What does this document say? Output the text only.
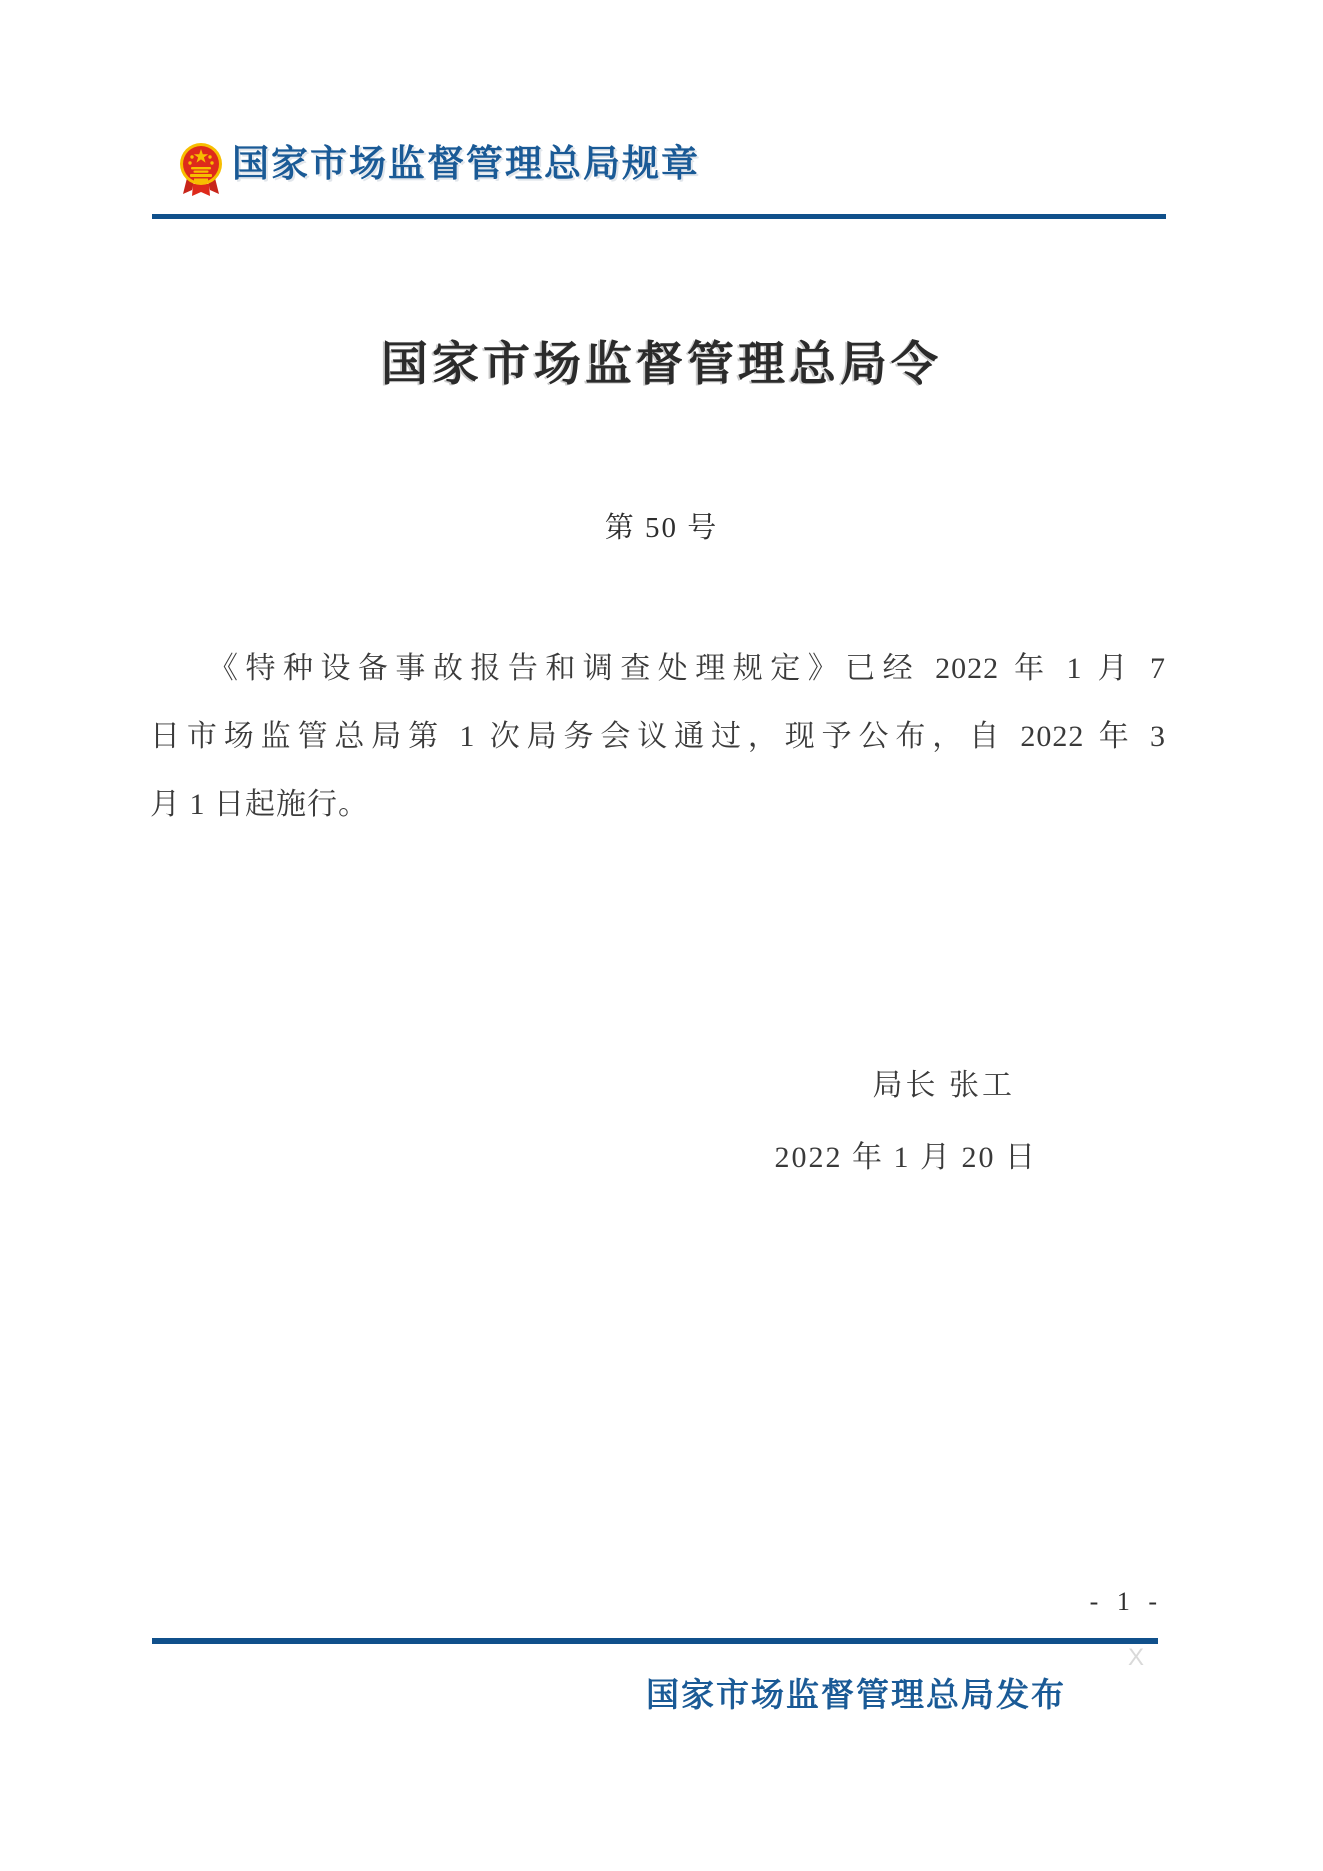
国家市场监督管理总局规章
国家市场监督管理总局令
第 50 号
《特种设备事故报告和调查处理规定》已经 2022 年 1 月 7
日市场监管总局第 1 次局务会议通过，现予公布，自 2022 年 3
月 1 日起施行。
局长 张工
2022 年 1 月 20 日
- 1 -
X
国家市场监督管理总局发布
